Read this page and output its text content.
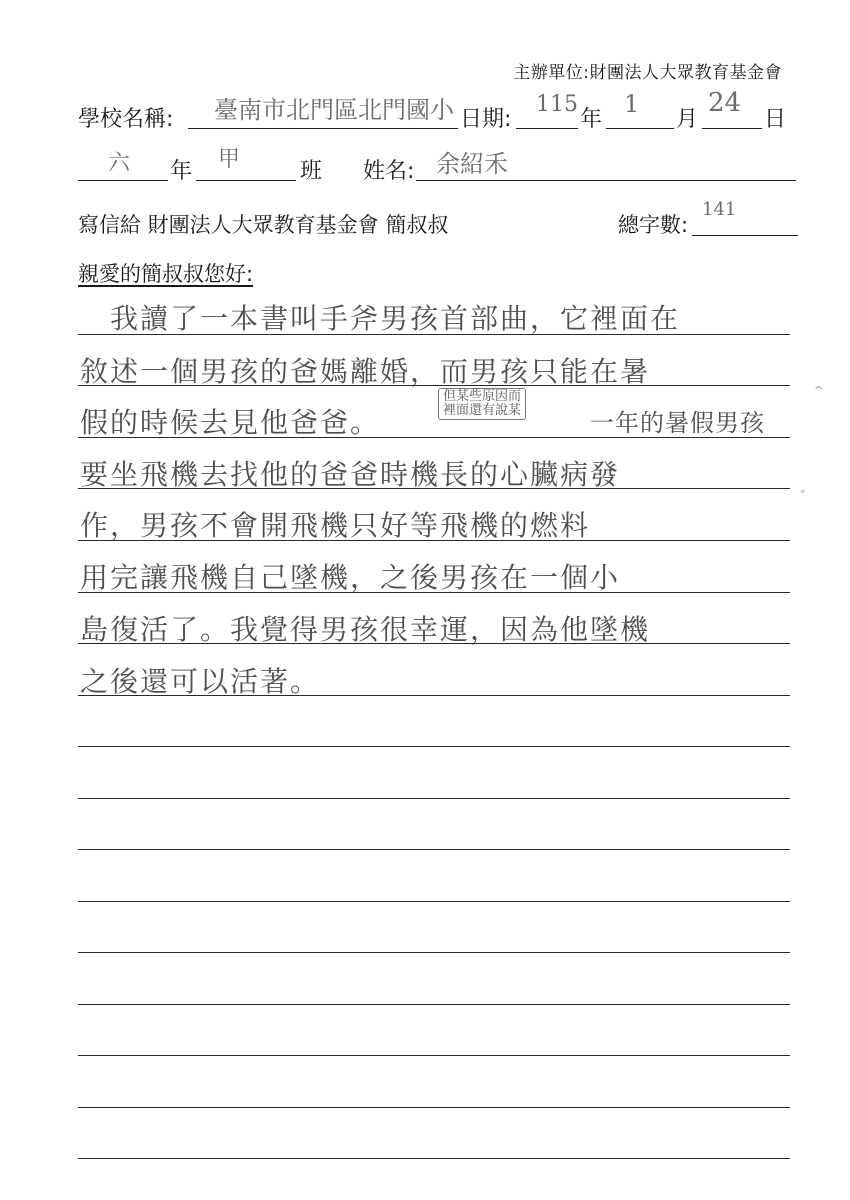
主辦單位:財團法人大眾教育基金會
學校名稱: 臺南市北門區北門國小 日期:
115
年
1
月
24
日
六 年 甲	班 姓名: 余紹禾
寫信給 財團法人大眾教育基金會 簡叔叔	總字數:
141
親愛的簡叔叔您好:
　我讀了一本書叫手斧男孩首部曲，它裡面在
敘述一個男孩的爸媽離婚，而男孩只能在暑
假的時候去見他爸爸。
但某些原因而
裡面還有說某	一年的暑假男孩
要坐飛機去找他的爸爸時機長的心臟病發
作，男孩不會開飛機只好等飛機的燃料
用完讓飛機自己墜機，之後男孩在一個小
島復活了。我覺得男孩很幸運，因為他墜機
之後還可以活著。
^
°
